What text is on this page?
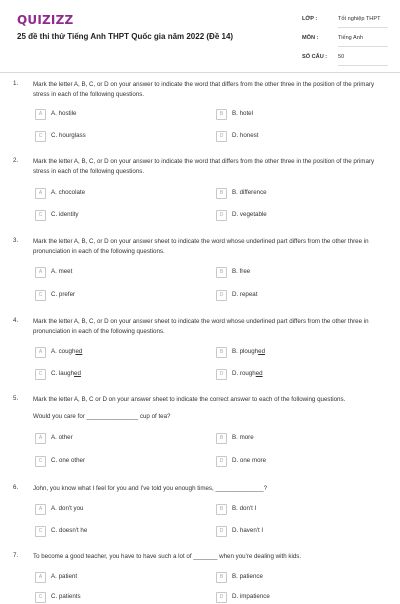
QUIZIZZ
25 đề thi thử Tiếng Anh THPT Quốc gia năm 2022 (Đề 14)
LỚP :	Tốt nghiệp THPT
MÔN :	Tiếng Anh
SỐ CÂU : 50
1. Mark the letter A, B, C, or D on your answer to indicate the word that differs from the other three in the position of the primary stress in each of the following questions.
A	A. hostile	B	B. hotel
C	C. hourglass	D	D. honest
2. Mark the letter A, B, C, or D on your answer to indicate the word that differs from the other three in the position of the primary stress in each of the following questions.
A	A. chocolate	B	B. difference
C	C. identity	D	D. vegetable
3. Mark the letter A, B, C, or D on your answer sheet to indicate the word whose underlined part differs from the other three in pronunciation in each of the following questions.
A	A. meet	B	B. free
C	C. prefer	D	D. repeat
4. Mark the letter A, B, C, or D on your answer sheet to indicate the word whose underlined part differs from the other three in pronunciation in each of the following questions.
A	A. coughed	B	B. ploughed
C	C. laughed	D	D. roughed
5. Mark the letter A, B, C or D on your answer sheet to indicate the correct answer to each of the following questions.
Would you care for _______________ cup of tea?
A	A. other	B	B. more
C	C. one other	D	D. one more
6. John, you know what I feel for you and I've told you enough times, ______________?
A	A. don't you	B	B. don't I
C	C. doesn't he	D	D. haven't I
7. To become a good teacher, you have to have such a lot of _______ when you're dealing with kids.
A	A. patient	B	B. patience
C	C. patients	D	D. impatience
